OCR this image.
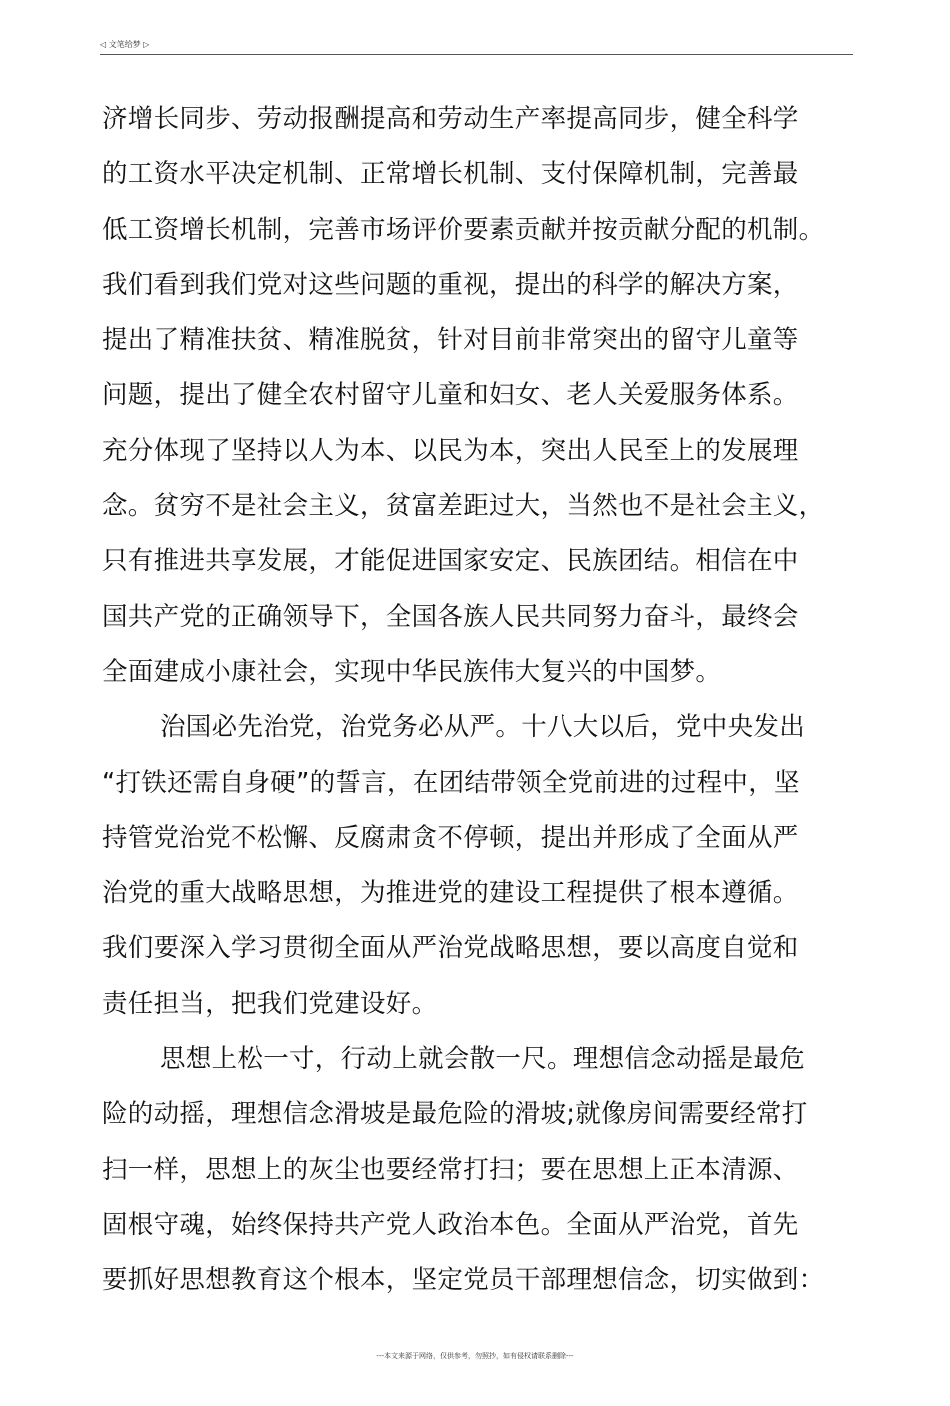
◁ 文笔给梦 ▷
济增长同步、劳动报酬提高和劳动生产率提高同步，健全科学
的工资水平决定机制、正常增长机制、支付保障机制，完善最
低工资增长机制，完善市场评价要素贡献并按贡献分配的机制。
我们看到我们党对这些问题的重视，提出的科学的解决方案，
提出了精准扶贫、精准脱贫，针对目前非常突出的留守儿童等
问题，提出了健全农村留守儿童和妇女、老人关爱服务体系。
充分体现了坚持以人为本、以民为本，突出人民至上的发展理
念。贫穷不是社会主义，贫富差距过大，当然也不是社会主义，
只有推进共享发展，才能促进国家安定、民族团结。相信在中
国共产党的正确领导下，全国各族人民共同努力奋斗，最终会
全面建成小康社会，实现中华民族伟大复兴的中国梦。
治国必先治党，治党务必从严。十八大以后，党中央发出
“打铁还需自身硬”的誓言，在团结带领全党前进的过程中，坚
持管党治党不松懈、反腐肃贪不停顿，提出并形成了全面从严
治党的重大战略思想，为推进党的建设工程提供了根本遵循。
我们要深入学习贯彻全面从严治党战略思想，要以高度自觉和
责任担当，把我们党建设好。
思想上松一寸，行动上就会散一尺。理想信念动摇是最危
险的动摇，理想信念滑坡是最危险的滑坡;就像房间需要经常打
扫一样，思想上的灰尘也要经常打扫；要在思想上正本清源、
固根守魂，始终保持共产党人政治本色。全面从严治党，首先
要抓好思想教育这个根本，坚定党员干部理想信念，切实做到：
---本文来源于网络，仅供参考，勿照抄，如有侵权请联系删除---
